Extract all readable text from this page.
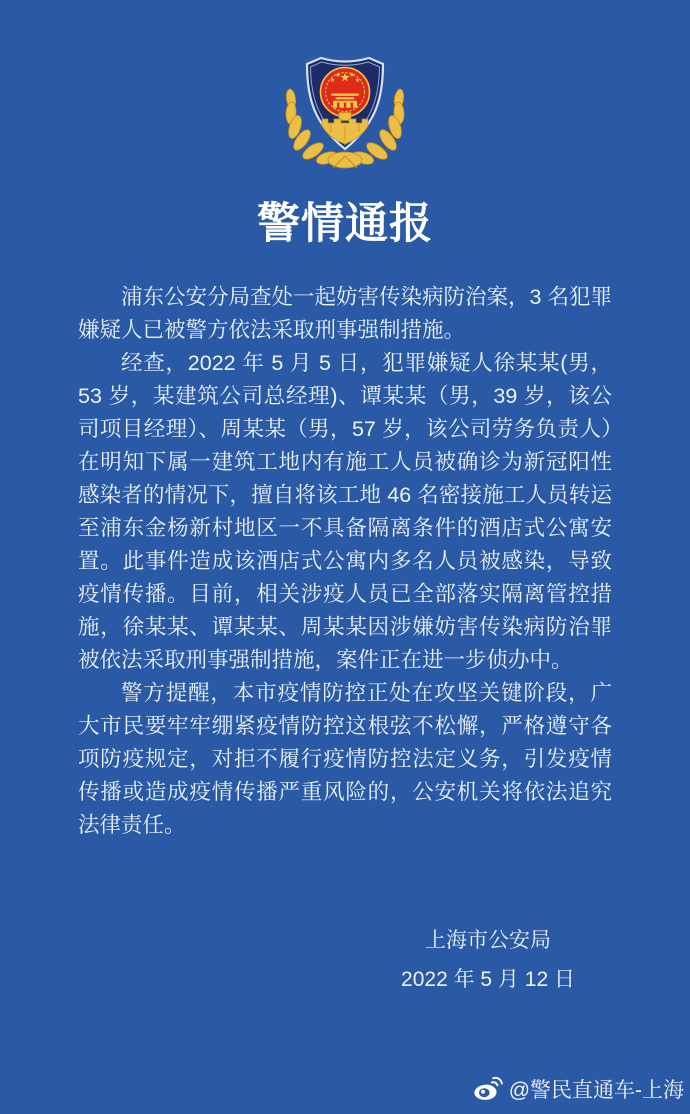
警情通报

浦东公安分局查处一起妨害传染病防治案，3 名犯罪嫌疑人已被警方依法采取刑事强制措施。

经查，2022 年 5 月 5 日，犯罪嫌疑人徐某某(男，53 岁，某建筑公司总经理)、谭某某（男，39 岁，该公司项目经理）、周某某（男，57 岁，该公司劳务负责人）在明知下属一建筑工地内有施工人员被确诊为新冠阳性感染者的情况下，擅自将该工地 46 名密接施工人员转运至浦东金杨新村地区一不具备隔离条件的酒店式公寓安置。此事件造成该酒店式公寓内多名人员被感染，导致疫情传播。目前，相关涉疫人员已全部落实隔离管控措施，徐某某、谭某某、周某某因涉嫌妨害传染病防治罪被依法采取刑事强制措施，案件正在进一步侦办中。

警方提醒，本市疫情防控正处在攻坚关键阶段，广大市民要牢牢绷紧疫情防控这根弦不松懈，严格遵守各项防疫规定，对拒不履行疫情防控法定义务，引发疫情传播或造成疫情传播严重风险的，公安机关将依法追究法律责任。

上海市公安局
2022 年 5 月 12 日
@警民直通车-上海
